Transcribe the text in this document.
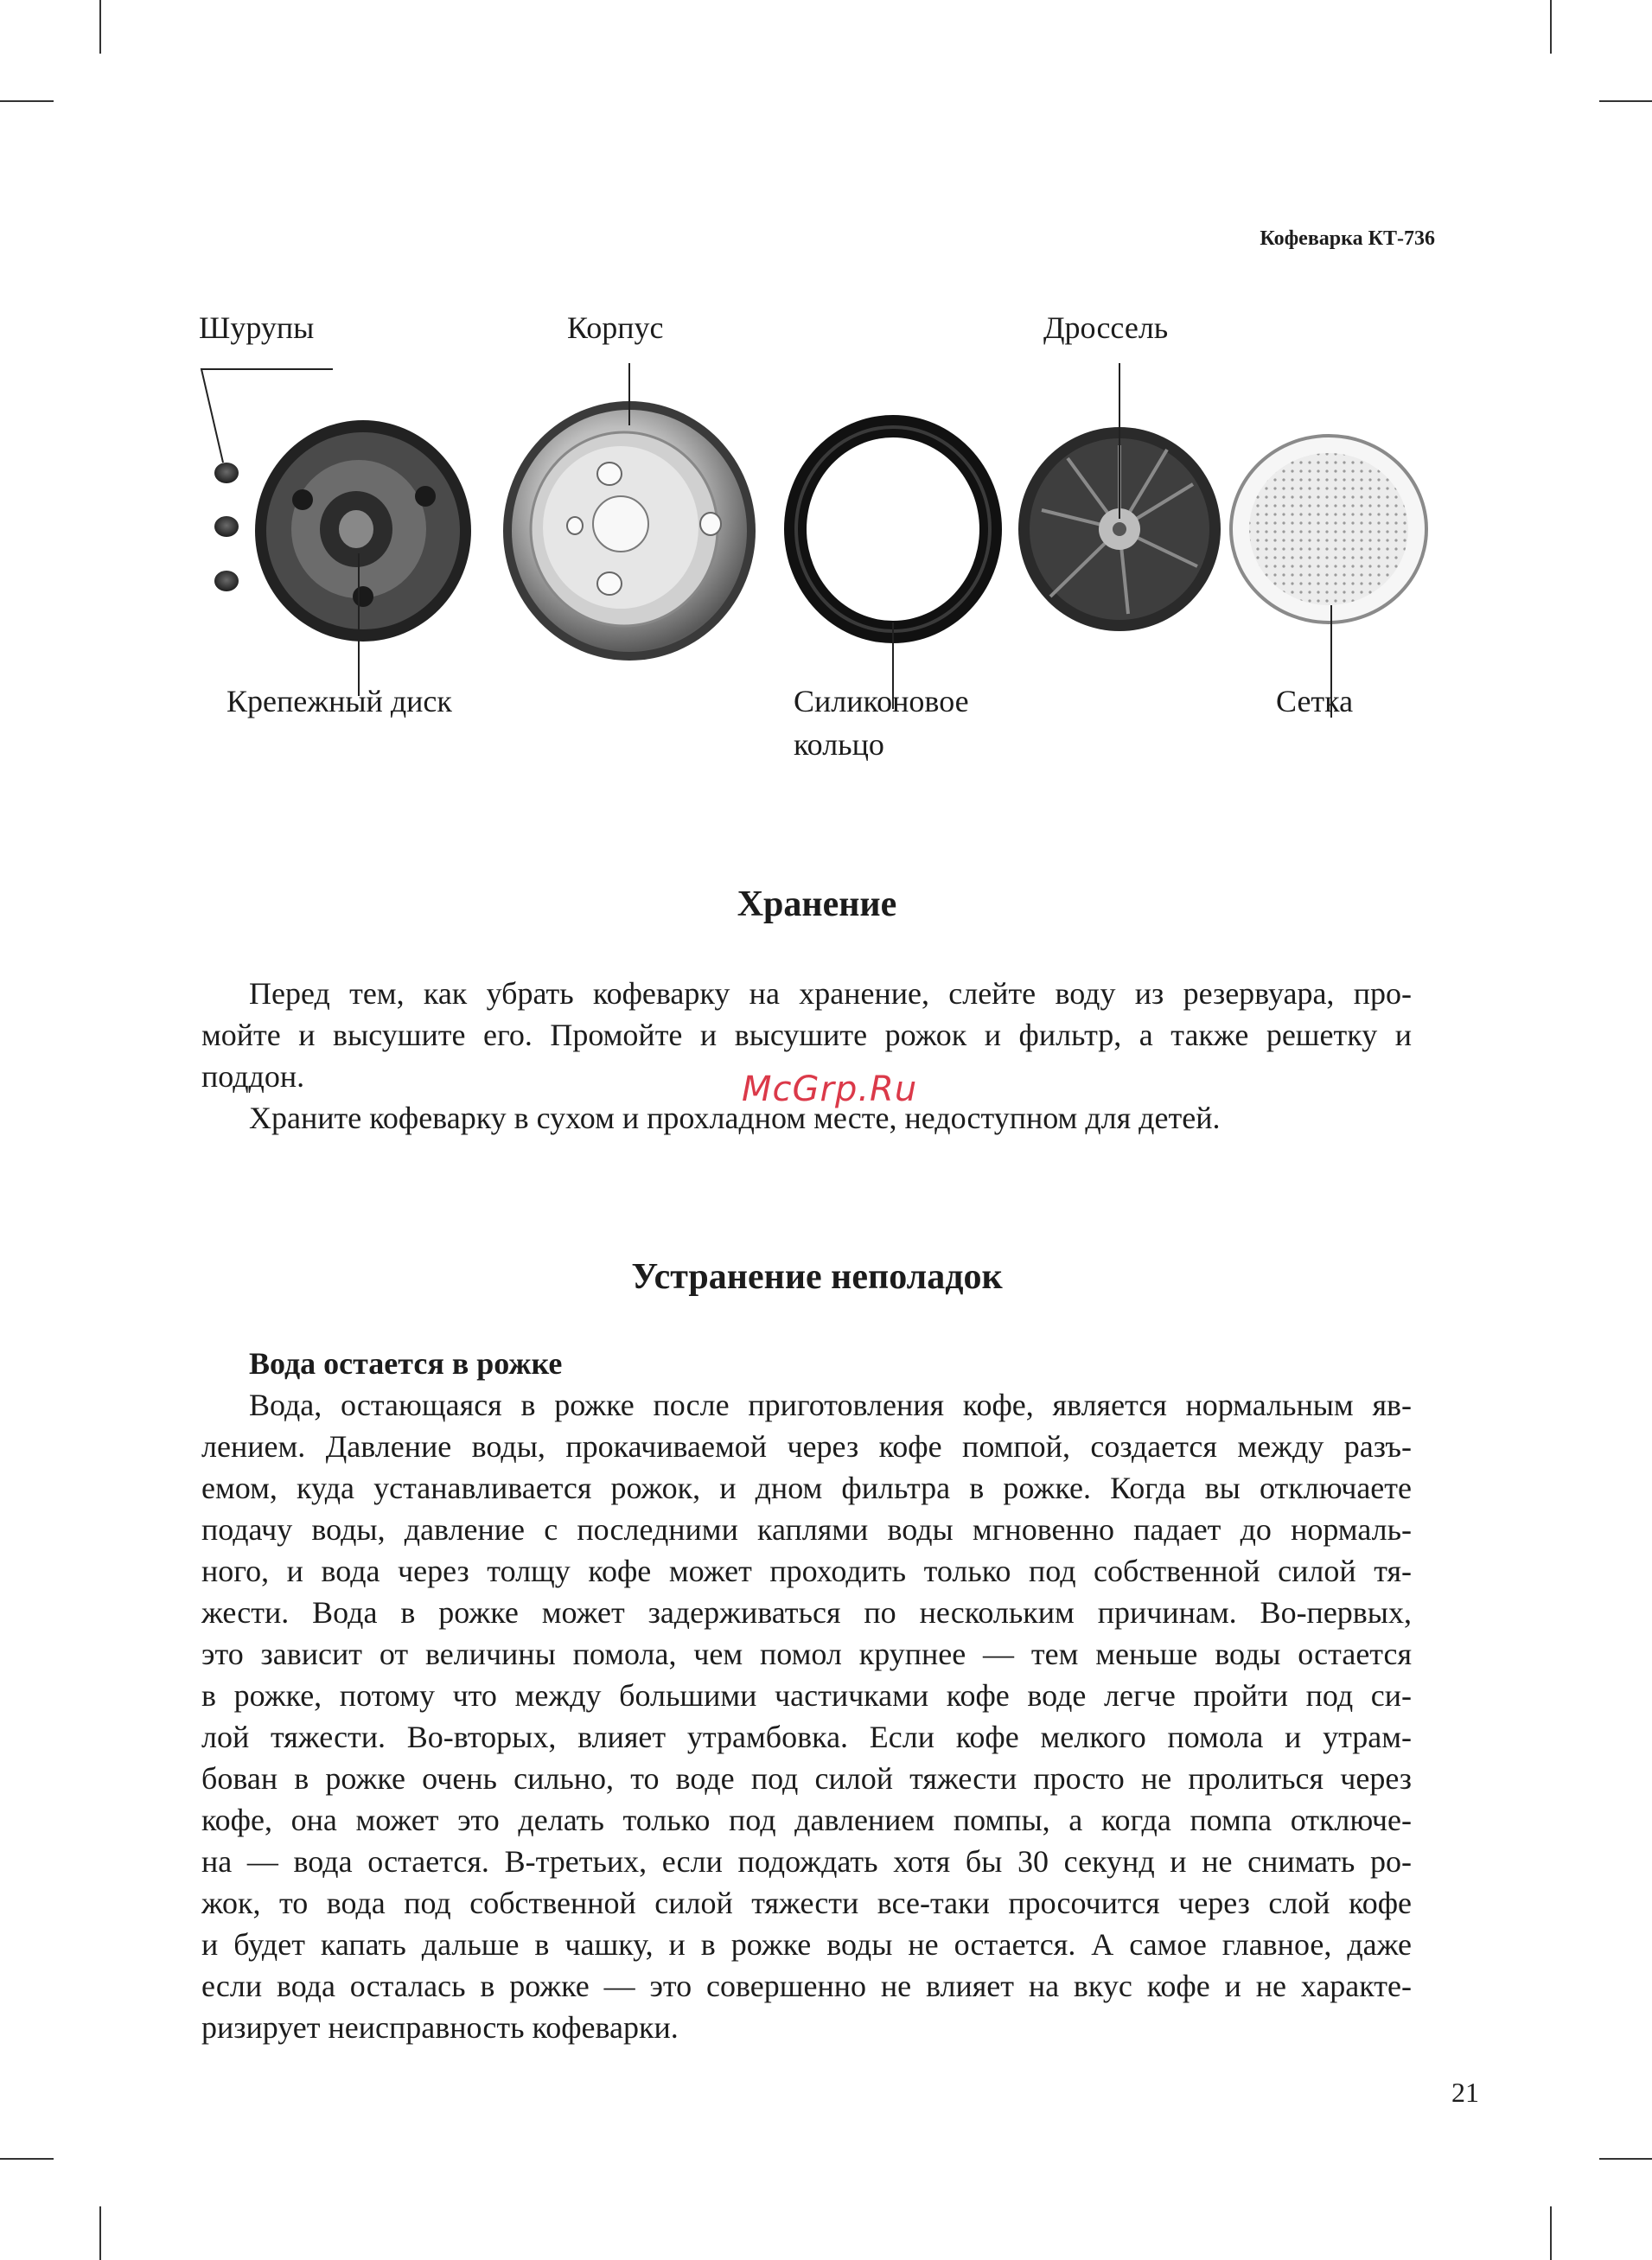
Кофеварка КТ-736
Шурупы	Корпус	Дроссель
Крепежный диск	Силиконовое
кольцо
Сетка
Хранение
Перед тем, как убрать кофеварку на хранение, слейте воду из резервуара, про-
мойте и высушите его. Промойте и высушите рожок и фильтр, а также решетку и
поддон.
Храните кофеварку в сухом и прохладном месте, недоступном для детей.
McGrp.Ru
Устранение неполадок
Вода остается в рожке
Вода, остающаяся в рожке после приготовления кофе, является нормальным яв-
лением. Давление воды, прокачиваемой через кофе помпой, создается между разъ-
емом, куда устанавливается рожок, и дном фильтра в рожке. Когда вы отключаете
подачу воды, давление с последними каплями воды мгновенно падает до нормаль-
ного, и вода через толщу кофе может проходить только под собственной силой тя-
жести. Вода в рожке может задерживаться по нескольким причинам. Во-первых,
это зависит от величины помола, чем помол крупнее — тем меньше воды остается
в рожке, потому что между большими частичками кофе воде легче пройти под си-
лой тяжести. Во-вторых, влияет утрамбовка. Если кофе мелкого помола и утрам-
бован в рожке очень сильно, то воде под силой тяжести просто не пролиться через
кофе, она может это делать только под давлением помпы, а когда помпа отключе-
на — вода остается. В-третьих, если подождать хотя бы 30 секунд и не снимать ро-
жок, то вода под собственной силой тяжести все-таки просочится через слой кофе
и будет капать дальше в чашку, и в рожке воды не остается. А самое главное, даже
если вода осталась в рожке — это совершенно не влияет на вкус кофе и не характе-
ризирует неисправность кофеварки.
21
